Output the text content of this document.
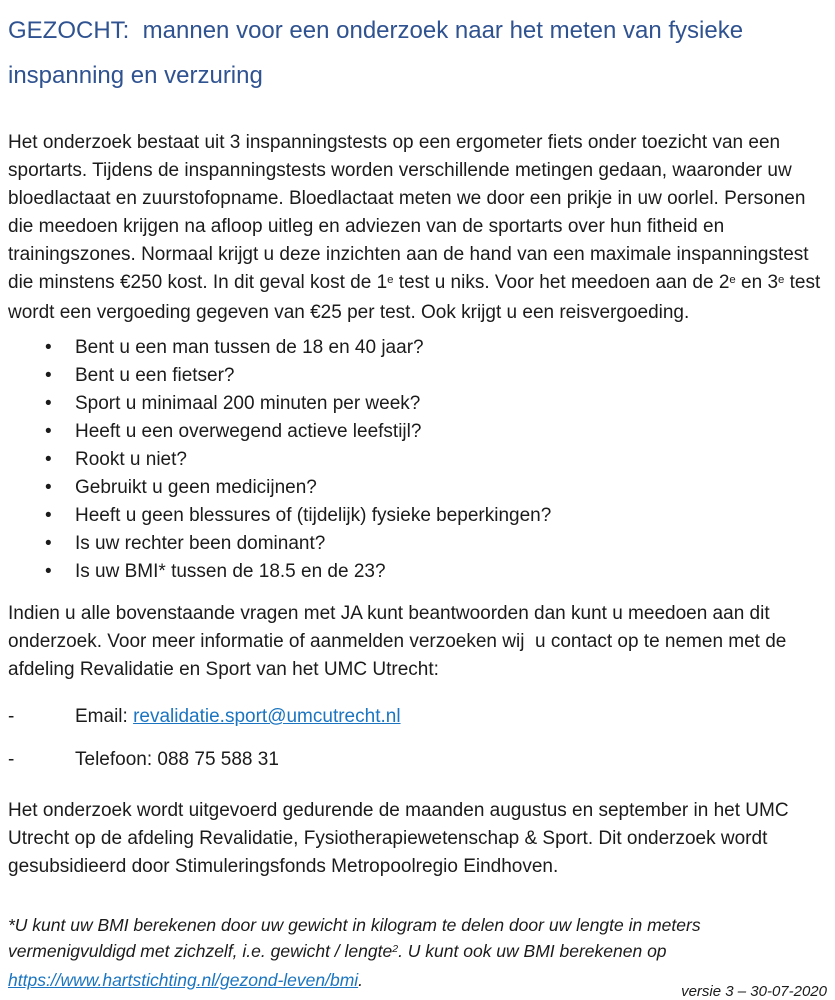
GEZOCHT:  mannen voor een onderzoek naar het meten van fysieke inspanning en verzuring

Het onderzoek bestaat uit 3 inspanningstests op een ergometer fiets onder toezicht van een sportarts. Tijdens de inspanningstests worden verschillende metingen gedaan, waaronder uw bloedlactaat en zuurstofopname. Bloedlactaat meten we door een prikje in uw oorlel. Personen die meedoen krijgen na afloop uitleg en adviezen van de sportarts over hun fitheid en trainingszones. Normaal krijgt u deze inzichten aan de hand van een maximale inspanningstest die minstens €250 kost. In dit geval kost de 1e test u niks. Voor het meedoen aan de 2e en 3e test wordt een vergoeding gegeven van €25 per test. Ook krijgt u een reisvergoeding.

• Bent u een man tussen de 18 en 40 jaar?
• Bent u een fietser?
• Sport u minimaal 200 minuten per week?
• Heeft u een overwegend actieve leefstijl?
• Rookt u niet?
• Gebruikt u geen medicijnen?
• Heeft u geen blessures of (tijdelijk) fysieke beperkingen?
• Is uw rechter been dominant?
• Is uw BMI* tussen de 18.5 en de 23?

Indien u alle bovenstaande vragen met JA kunt beantwoorden dan kunt u meedoen aan dit onderzoek. Voor meer informatie of aanmelden verzoeken wij  u contact op te nemen met de afdeling Revalidatie en Sport van het UMC Utrecht:

-	Email: revalidatie.sport@umcutrecht.nl
-	Telefoon: 088 75 588 31

Het onderzoek wordt uitgevoerd gedurende de maanden augustus en september in het UMC Utrecht op de afdeling Revalidatie, Fysiotherapiewetenschap & Sport. Dit onderzoek wordt gesubsidieerd door Stimuleringsfonds Metropoolregio Eindhoven.

*U kunt uw BMI berekenen door uw gewicht in kilogram te delen door uw lengte in meters vermenigvuldigd met zichzelf, i.e. gewicht / lengte$^2$. U kunt ook uw BMI berekenen op https://www.hartstichting.nl/gezond-leven/bmi.

versie 3 – 30-07-2020
